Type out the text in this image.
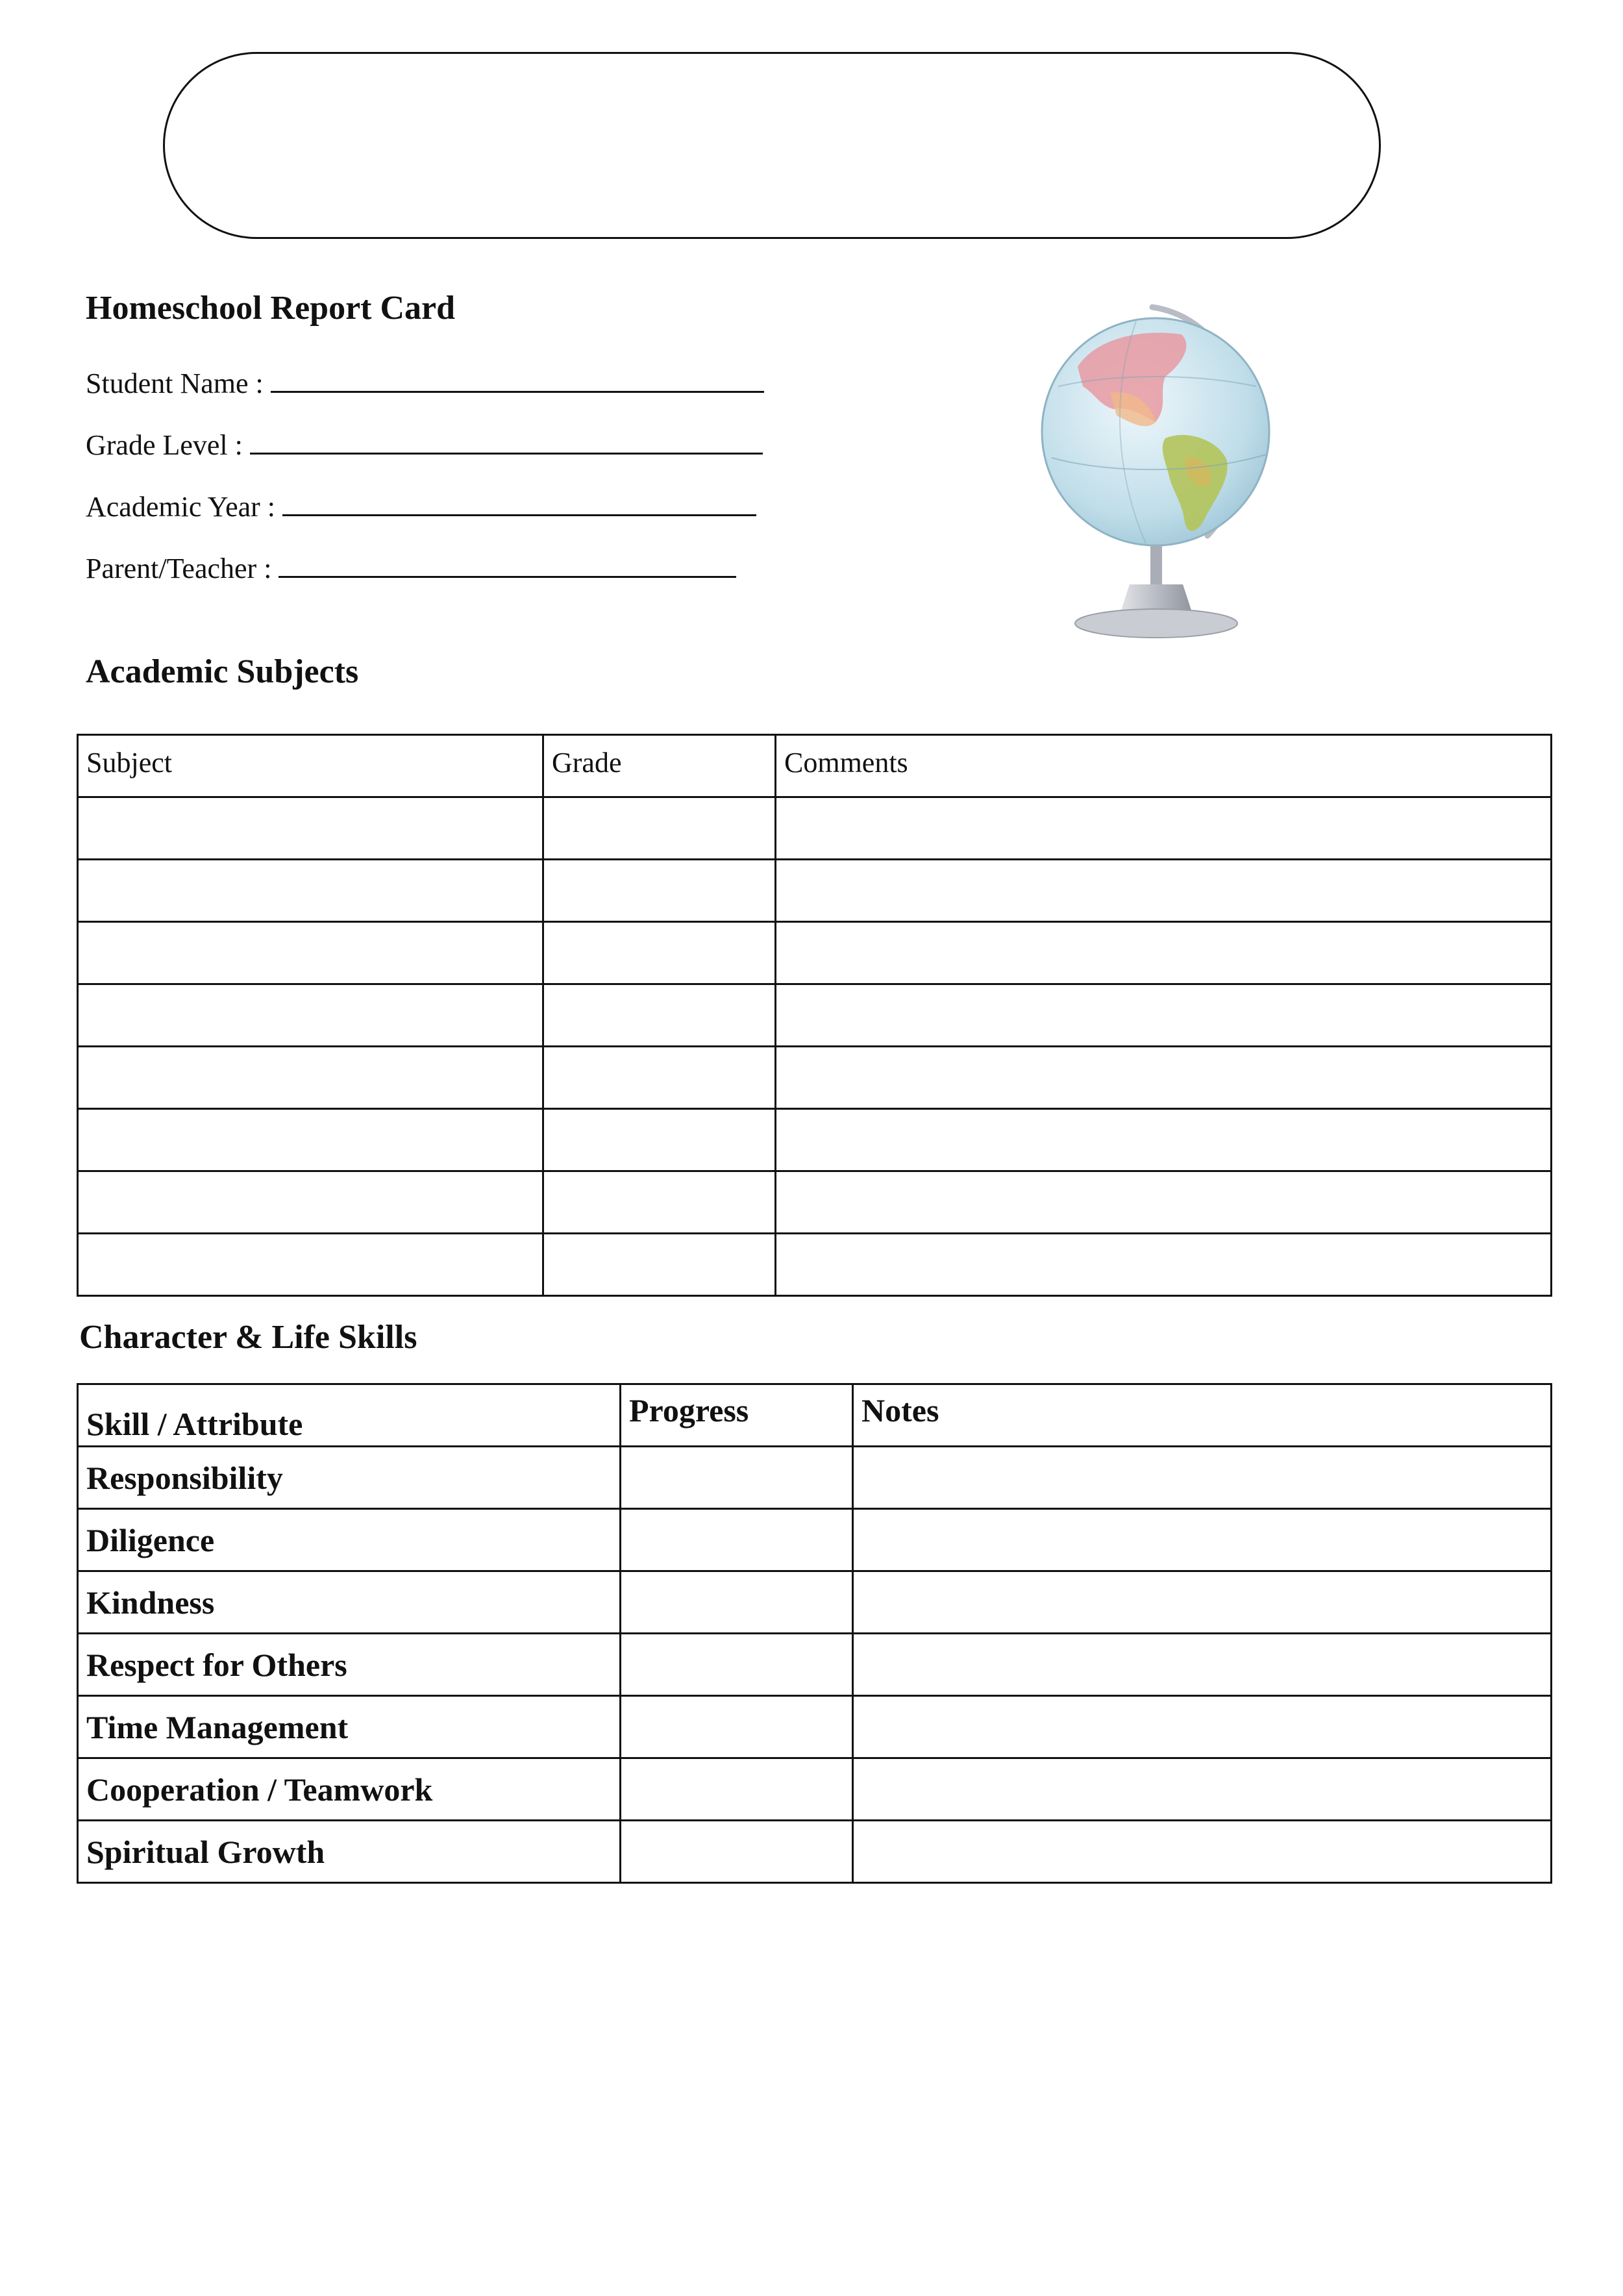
Homeschool Report Card
Student Name :
Grade Level :
Academic Year :
Parent/Teacher :
Academic Subjects
Subject	Grade	Comments

Character & Life Skills
Skill / Attribute	Progress	Notes
Responsibility		
Diligence		
Kindness		
Respect for Others		
Time Management		
Cooperation / Teamwork		
Spiritual Growth		
